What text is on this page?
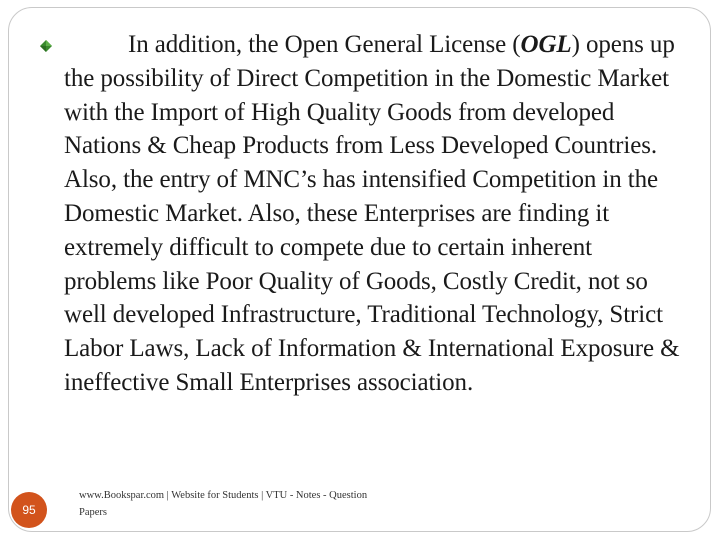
In addition, the Open General License (OGL) opens up the possibility of Direct Competition in the Domestic Market with the Import of High Quality Goods from developed Nations & Cheap Products from Less Developed Countries. Also, the entry of MNC’s has intensified Competition in the Domestic Market. Also, these Enterprises are finding it extremely difficult to compete due to certain inherent problems like Poor Quality of Goods, Costly Credit, not so well developed Infrastructure, Traditional Technology, Strict Labor Laws, Lack of Information & International Exposure & ineffective Small Enterprises association.

95
www.Bookspar.com | Website for Students | VTU - Notes - Question Papers
